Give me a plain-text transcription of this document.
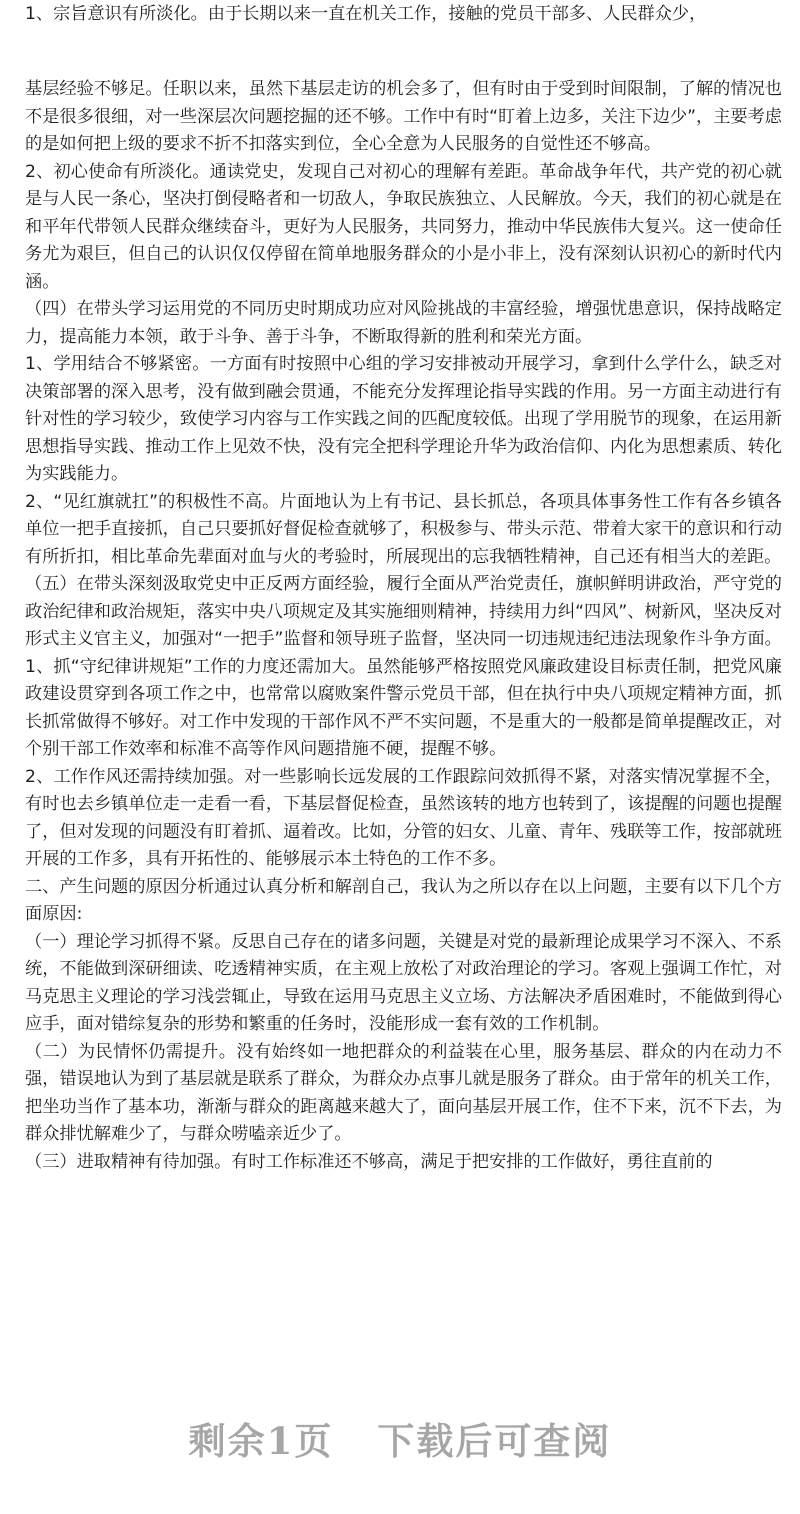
1、宗旨意识有所淡化。由于长期以来一直在机关工作，接触的党员干部多、人民群众少，

基层经验不够足。任职以来，虽然下基层走访的机会多了，但有时由于受到时间限制，了解的情况也不是很多很细，对一些深层次问题挖掘的还不够。工作中有时“盯着上边多，关注下边少”，主要考虑的是如何把上级的要求不折不扣落实到位，全心全意为人民服务的自觉性还不够高。

2、初心使命有所淡化。通读党史，发现自己对初心的理解有差距。革命战争年代，共产党的初心就是与人民一条心，坚决打倒侵略者和一切敌人，争取民族独立、人民解放。今天，我们的初心就是在和平年代带领人民群众继续奋斗，更好为人民服务，共同努力，推动中华民族伟大复兴。这一使命任务尤为艰巨，但自己的认识仅仅停留在简单地服务群众的小是小非上，没有深刻认识初心的新时代内涵。

（四）在带头学习运用党的不同历史时期成功应对风险挑战的丰富经验，增强忧患意识，保持战略定力，提高能力本领，敢于斗争、善于斗争，不断取得新的胜利和荣光方面。

1、学用结合不够紧密。一方面有时按照中心组的学习安排被动开展学习，拿到什么学什么，缺乏对决策部署的深入思考，没有做到融会贯通，不能充分发挥理论指导实践的作用。另一方面主动进行有针对性的学习较少，致使学习内容与工作实践之间的匹配度较低。出现了学用脱节的现象，在运用新思想指导实践、推动工作上见效不快，没有完全把科学理论升华为政治信仰、内化为思想素质、转化为实践能力。

2、“见红旗就扛”的积极性不高。片面地认为上有书记、县长抓总，各项具体事务性工作有各乡镇各单位一把手直接抓，自己只要抓好督促检查就够了，积极参与、带头示范、带着大家干的意识和行动有所折扣，相比革命先辈面对血与火的考验时，所展现出的忘我牺牲精神，自己还有相当大的差距。

（五）在带头深刻汲取党史中正反两方面经验，履行全面从严治党责任，旗帜鲜明讲政治，严守党的政治纪律和政治规矩，落实中央八项规定及其实施细则精神，持续用力纠“四风”、树新风，坚决反对形式主义官主义，加强对“一把手”监督和领导班子监督，坚决同一切违规违纪违法现象作斗争方面。

1、抓“守纪律讲规矩”工作的力度还需加大。虽然能够严格按照党风廉政建设目标责任制，把党风廉政建设贯穿到各项工作之中，也常常以腐败案件警示党员干部，但在执行中央八项规定精神方面，抓长抓常做得不够好。对工作中发现的干部作风不严不实问题，不是重大的一般都是简单提醒改正，对个别干部工作效率和标准不高等作风问题措施不硬，提醒不够。

2、工作作风还需持续加强。对一些影响长远发展的工作跟踪问效抓得不紧，对落实情况掌握不全，有时也去乡镇单位走一走看一看，下基层督促检查，虽然该转的地方也转到了，该提醒的问题也提醒了，但对发现的问题没有盯着抓、逼着改。比如，分管的妇女、儿童、青年、残联等工作，按部就班开展的工作多，具有开拓性的、能够展示本土特色的工作不多。

二、产生问题的原因分析通过认真分析和解剖自己，我认为之所以存在以上问题，主要有以下几个方面原因:

（一）理论学习抓得不紧。反思自己存在的诸多问题，关键是对党的最新理论成果学习不深入、不系统，不能做到深研细读、吃透精神实质，在主观上放松了对政治理论的学习。客观上强调工作忙，对马克思主义理论的学习浅尝辄止，导致在运用马克思主义立场、方法解决矛盾困难时，不能做到得心应手，面对错综复杂的形势和繁重的任务时，没能形成一套有效的工作机制。

（二）为民情怀仍需提升。没有始终如一地把群众的利益装在心里，服务基层、群众的内在动力不强，错误地认为到了基层就是联系了群众，为群众办点事儿就是服务了群众。由于常年的机关工作，把坐功当作了基本功，渐渐与群众的距离越来越大了，面向基层开展工作，住不下来，沉不下去，为群众排忧解难少了，与群众唠嗑亲近少了。

（三）进取精神有待加强。有时工作标准还不够高，满足于把安排的工作做好，勇往直前的

剩余1页 下载后可查阅
